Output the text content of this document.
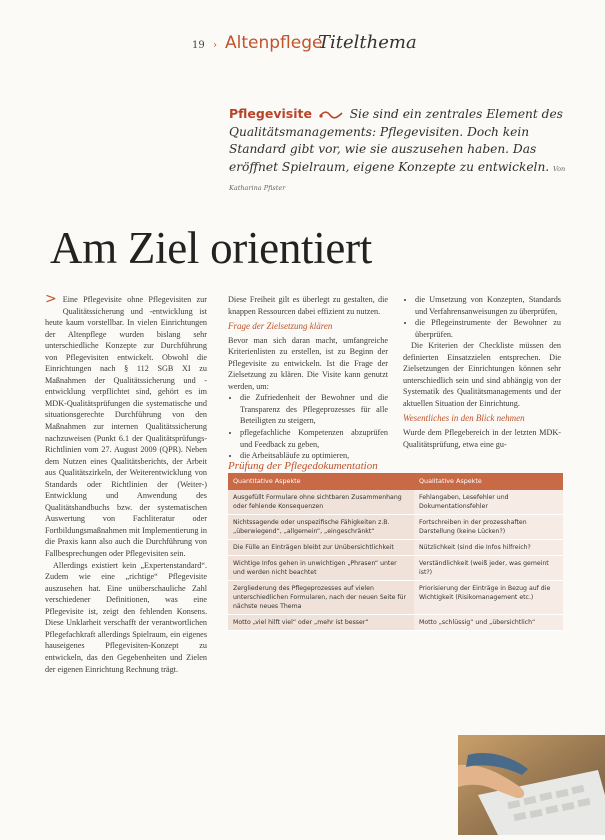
19 › Altenpflege
Titelthema
Pflegevisite	Sie sind ein zentrales Element des Qualitätsmanagements: Pflegevisiten. Doch kein Standard gibt vor, wie sie auszusehen haben. Das eröffnet Spielraum, eigene Konzepte zu entwickeln. Von Katharina Pfister
Am Ziel orientiert
> Eine Pflegevisite ohne Pflegevisiten zur Qualitätssicherung und -entwicklung ist heute kaum vorstellbar. In vielen Einrichtungen der Altenpflege wurden bislang sehr unterschiedliche Konzepte zur Durchführung von Pflegevisiten entwickelt. Obwohl die Einrichtungen nach § 112 SGB XI zu Maßnahmen der Qualitätssicherung und -entwicklung verpflichtet sind, gehört es im MDK-Qualitätsprüfungen die systematische und situationsgerechte Durchführung von den Maßnahmen zur internen Qualitätssicherung nachzuweisen (Punkt 6.1 der Qualitätsprüfungs-Richtlinien vom 27. August 2009 (QPR). Neben dem Nutzen eines Qualitätsberichts, der Arbeit aus Qualitätszirkeln, der Weiterentwicklung von Standards oder Richtlinien der (Weiter-) Entwicklung und Anwendung des Qualitätshandbuchs bzw. der systematischen Auswertung von Fachliteratur oder Fortbildungsmaßnahmen mit Implementierung in die Praxis kann also auch die Durchführung von Fallbesprechungen oder Pflegevisiten sein.
Allerdings existiert kein „Expertenstandard“. Zudem wie eine „richtige“ Pflegevisite auszusehen hat. Eine unüberschauliche Zahl verschiedener Definitionen, was eine Pflegevisite ist, zeigt den fehlenden Konsens. Diese Unklarheit verschafft der verantwortlichen Pflegefachkraft allerdings Spielraum, ein eigenes hauseigenes Pflegevisiten-Konzept zu entwickeln, das den Gegebenheiten und Zielen der eigenen Einrichtung Rechnung trägt.
Diese Freiheit gilt es überlegt zu gestalten, die knappen Ressourcen dabei effizient zu nutzen.
Frage der Zielsetzung klären
Bevor man sich daran macht, umfangreiche Kriterienlisten zu erstellen, ist zu Beginn der Pflegevisite zu entwickeln. Ist die Frage der Zielsetzung zu klären. Die Visite kann genutzt werden, um:
• die Zufriedenheit der Bewohner und die Transparenz des Pflegeprozesses für alle Beteiligten zu steigern,
• pflegefachliche Kompetenzen abzuprüfen und Feedback zu geben,
• die Arbeitsabläufe zu optimieren,
• die Umsetzung von Konzepten, Standards und Verfahrensanweisungen zu überprüfen,
• die Pflegeinstrumente der Bewohner zu überprüfen.
Die Kriterien der Checkliste müssen den definierten Einsatzzielen entsprechen. Die Zielsetzungen der Einrichtungen können sehr unterschiedlich sein und sind abhängig von der Systematik des Qualitätsmanagements und der aktuellen Situation der Einrichtung.
Wesentliches in den Blick nehmen
Wurde dem Pflegebereich in der letzten MDK-Qualitätsprüfung, etwa eine gu-
Prüfung der Pflegedokumentation
Quantitative Aspekte	Qualitative Aspekte
Ausgefüllt Formulare ohne sichtbaren Zusammenhang oder fehlende Konsequenzen	Fehlangaben, Lesefehler und Dokumentationsfehler
Nichtssagende oder unspezifische Fähigkeiten z.B. „überwiegend“, „allgemein“, „eingeschränkt“	Fortschreiben in der prozesshaften Darstellung (keine Lücken?)
Die Fülle an Einträgen bleibt zur Unübersichtlichkeit	Nützlichkeit (sind die Infos hilfreich?
Wichtige Infos gehen in unwichtigen „Phrasen“ unter und werden nicht beachtet	Verständlichkeit (weiß jeder, was gemeint ist?)
Zergliederung des Pflegeprozesses auf vielen unterschiedlichen Formularen, nach der neuen Seite für nächste neues Thema	Priorisierung der Einträge in Bezug auf die Wichtigkeit (Risikomanagement etc.)
Motto „viel hilft viel“ oder „mehr ist besser“	Motto „schlüssig“ und „übersichtlich“
